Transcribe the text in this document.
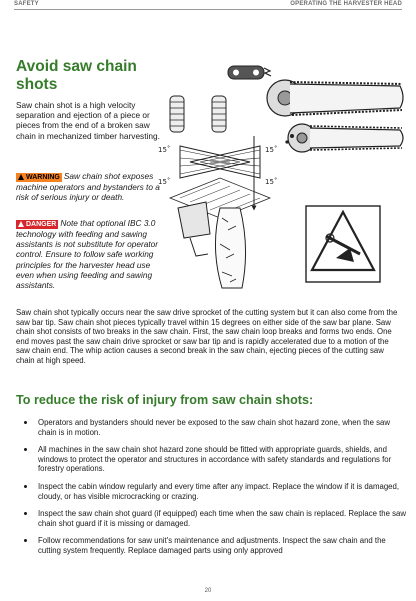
SAFETY	OPERATING THE HARVESTER HEAD
Avoid saw chain shots
Saw chain shot is a high velocity separation and ejection of a piece or pieces from the end of a broken saw chain in mechanized timber harvesting.
WARNING Saw chain shot exposes machine operators and bystanders to a risk of serious injury or death.
DANGER Note that optional IBC 3.0 technology with feeding and sawing assistants is not substitute for operator control. Ensure to follow safe working principles for the harvester head use even when using feeding and sawing assistants.
15˚	15˚
15˚	15˚
Saw chain shot typically occurs near the saw drive sprocket of the cutting system but it can also come from the saw bar tip. Saw chain shot pieces typically travel within 15 degrees on either side of the saw bar plane. Saw chain shot consists of two breaks in the saw chain. First, the saw chain loop breaks and forms two ends. One end moves past the saw chain drive sprocket or saw bar tip and is rapidly accelerated due to a motion of the saw chain end. The whip action causes a second break in the saw chain, ejecting pieces of the cutting saw chain at high speed.
To reduce the risk of injury from saw chain shots:
Operators and bystanders should never be exposed to the saw chain shot hazard zone, when the saw chain is in motion.
All machines in the saw chain shot hazard zone should be fitted with appropriate guards, shields, and windows to protect the operator and structures in accordance with safety standards and regulations for forestry operations.
Inspect the cabin window regularly and every time after any impact. Replace the window if it is damaged, cloudy, or has visible microcracking or crazing.
Inspect the saw chain shot guard (if equipped) each time when the saw chain is replaced. Replace the saw chain shot guard if it is missing or damaged.
Follow recommendations for saw unit's maintenance and adjustments. Inspect the saw chain and the cutting system frequently. Replace damaged parts using only approved
20
